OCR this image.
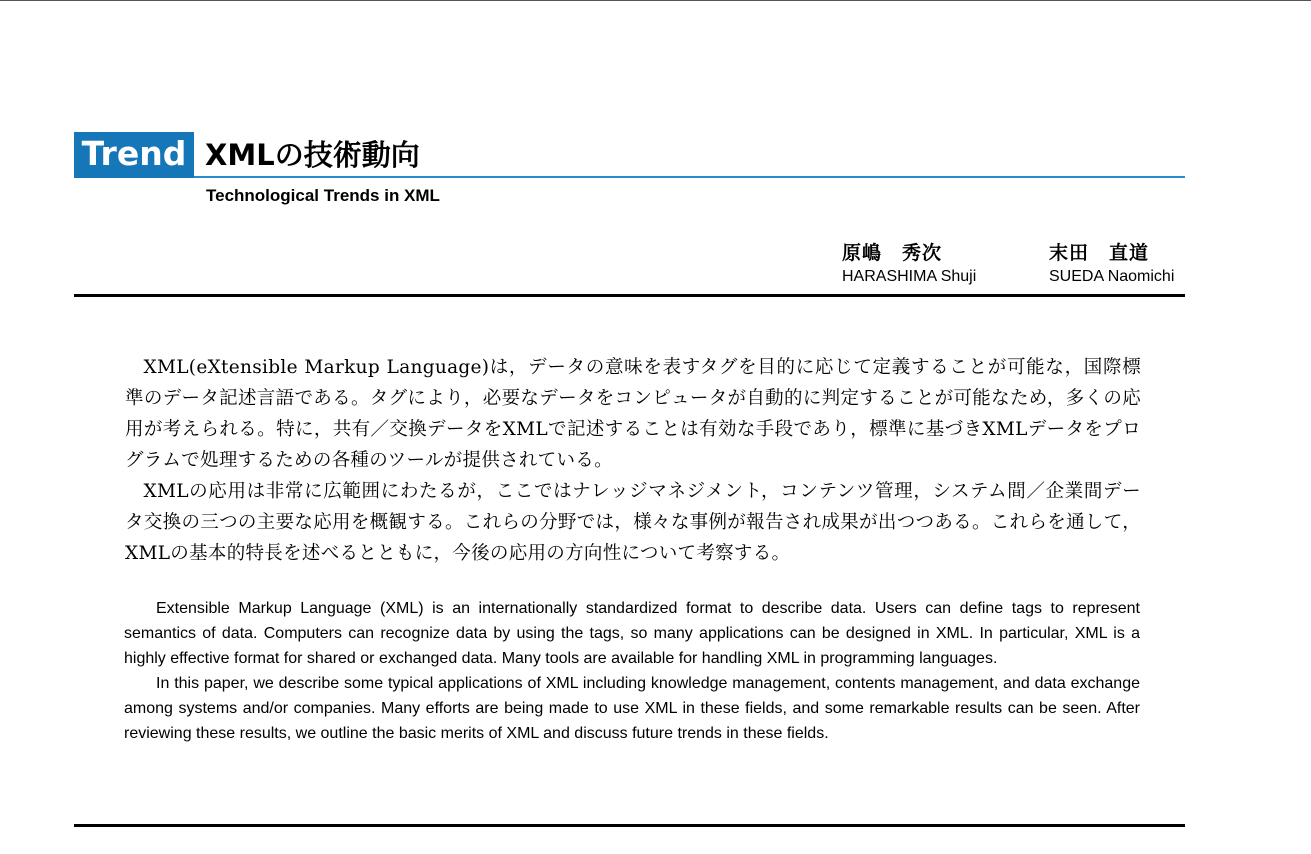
Trend XMLの技術動向
Technological Trends in XML
原嶋　秀次
HARASHIMA Shuji
末田　直道
SUEDA Naomichi

XML(eXtensible Markup Language)は，データの意味を表すタグを目的に応じて定義することが可能な，国際標準のデータ記述言語である。タグにより，必要なデータをコンピュータが自動的に判定することが可能なため，多くの応用が考えられる。特に，共有／交換データをXMLで記述することは有効な手段であり，標準に基づきXMLデータをプログラムで処理するための各種のツールが提供されている。

XMLの応用は非常に広範囲にわたるが，ここではナレッジマネジメント，コンテンツ管理，システム間／企業間データ交換の三つの主要な応用を概観する。これらの分野では，様々な事例が報告され成果が出つつある。これらを通して， XMLの基本的特長を述べるとともに，今後の応用の方向性について考察する。

Extensible Markup Language (XML) is an internationally standardized format to describe data. Users can define tags to represent semantics of data. Computers can recognize data by using the tags, so many applications can be designed in XML. In particular, XML is a highly effective format for shared or exchanged data. Many tools are available for handling XML in programming languages.

In this paper, we describe some typical applications of XML including knowledge management, contents management, and data exchange among systems and/or companies. Many efforts are being made to use XML in these fields, and some remarkable results can be seen. After reviewing these results, we outline the basic merits of XML and discuss future trends in these fields.
